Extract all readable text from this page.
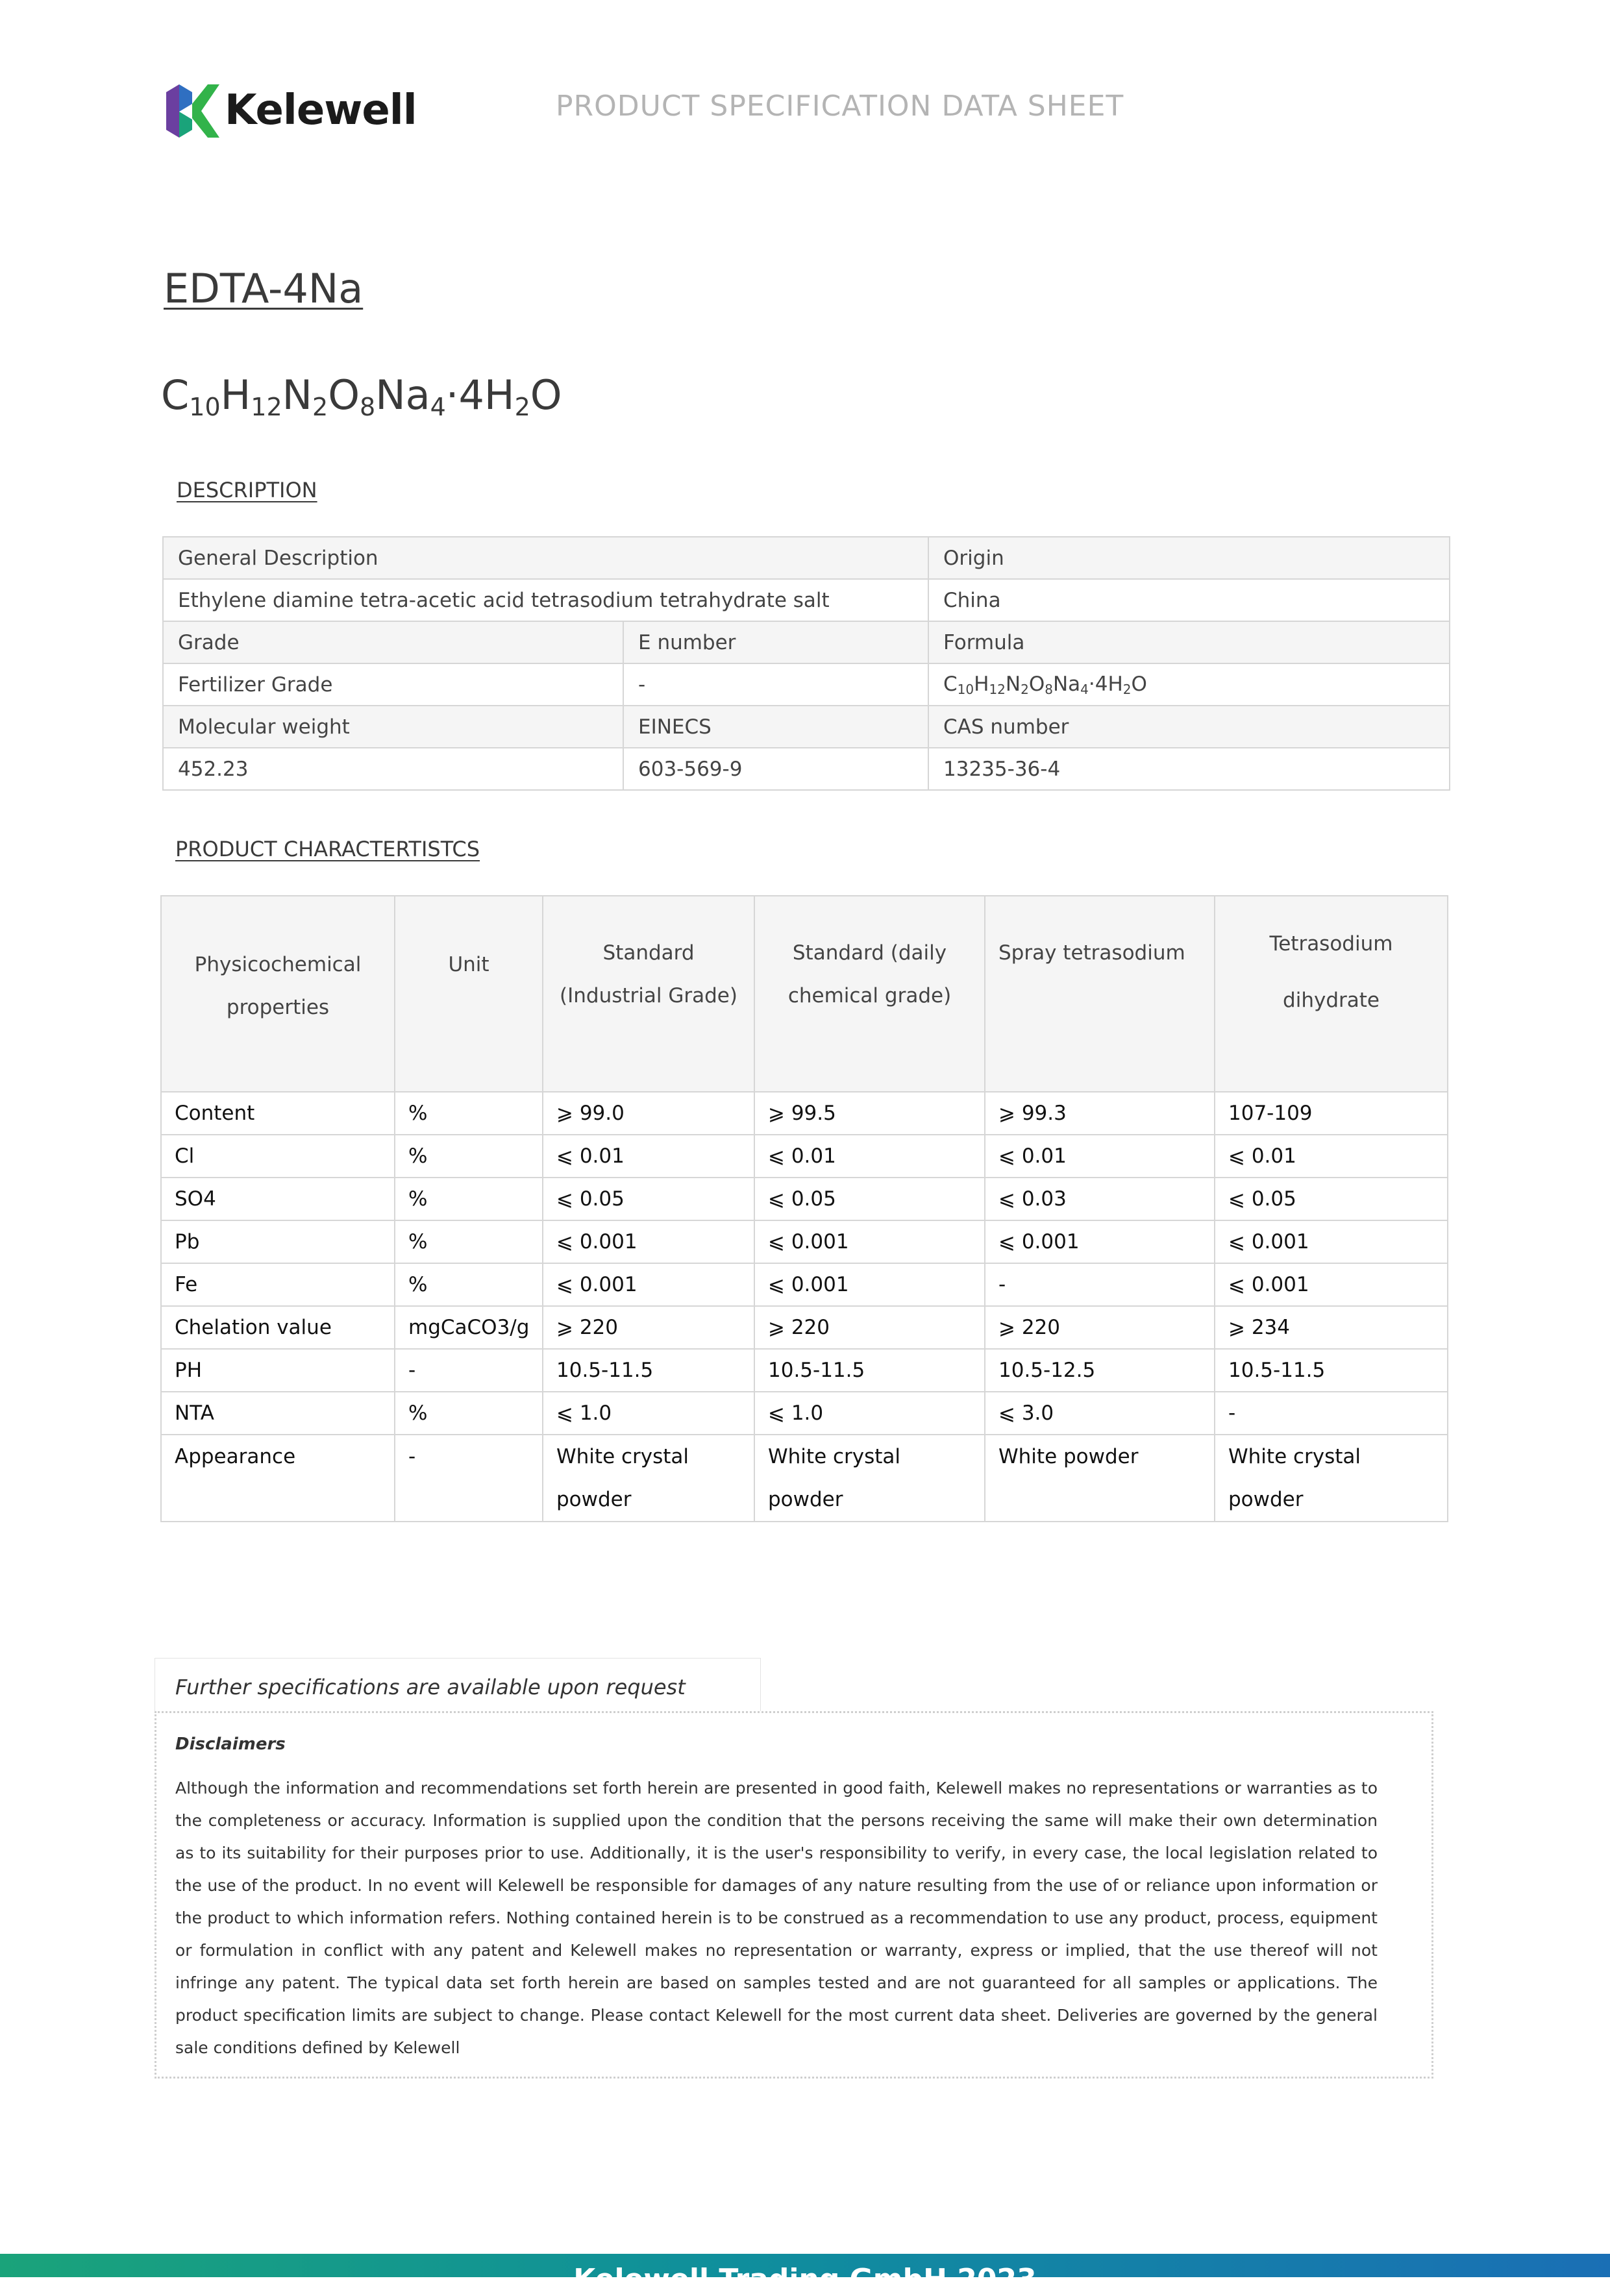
Kelewell	PRODUCT SPECIFICATION DATA SHEET
EDTA-4Na
$C_{10}H_{12}N_2O_8Na_4\cdot 4H_2O$
DESCRIPTION
General Description		Origin
Ethylene diamine tetra-acetic acid tetrasodium tetrahydrate salt		China
Grade	E number	Formula
Fertilizer Grade	-	$C_{10}H_{12}N_2O_8Na_4\cdot 4H_2O$
Molecular weight	EINECS	CAS number
452.23	603-569-9	13235-36-4
PRODUCT CHARACTERTISTCS
Physicochemical properties	Unit	Standard (Industrial Grade)	Standard (daily chemical grade)	Spray tetrasodium	Tetrasodium
dihydrate

Content	%	⩾ 99.0	⩾ 99.5	⩾ 99.3	107-109
Cl	%	⩽ 0.01	⩽ 0.01	⩽ 0.01	⩽ 0.01
SO4	%	⩽ 0.05	⩽ 0.05	⩽ 0.03	⩽ 0.05
Pb	%	⩽ 0.001	⩽ 0.001	⩽ 0.001	⩽ 0.001
Fe	%	⩽ 0.001	⩽ 0.001	-	⩽ 0.001
Chelation value	mgCaCO3/g	⩾ 220	⩾ 220	⩾ 220	⩾ 234
PH	-	10.5-11.5	10.5-11.5	10.5-12.5	10.5-11.5
NTA	%	⩽ 1.0	⩽ 1.0	⩽ 3.0	-
Appearance	-	White crystal powder	White crystal powder	White powder	White crystal powder
Further specifications are available upon request
Disclaimers
Although the information and recommendations set forth herein are presented in good faith, Kelewell makes no representations or warranties as to the completeness or accuracy. Information is supplied upon the condition that the persons receiving the same will make their own determination as to its suitability for their purposes prior to use. Additionally, it is the user's responsibility to verify, in every case, the local legislation related to the use of the product. In no event will Kelewell be responsible for damages of any nature resulting from the use of or reliance upon information or the product to which information refers. Nothing contained herein is to be construed as a recommendation to use any product, process, equipment or formulation in conflict with any patent and Kelewell makes no representation or warranty, express or implied, that the use thereof will not infringe any patent. The typical data set forth herein are based on samples tested and are not guaranteed for all samples or applications. The product specification limits are subject to change. Please contact Kelewell for the most current data sheet. Deliveries are governed by the general sale conditions defined by Kelewell
Kelewell Trading GmbH 2023
